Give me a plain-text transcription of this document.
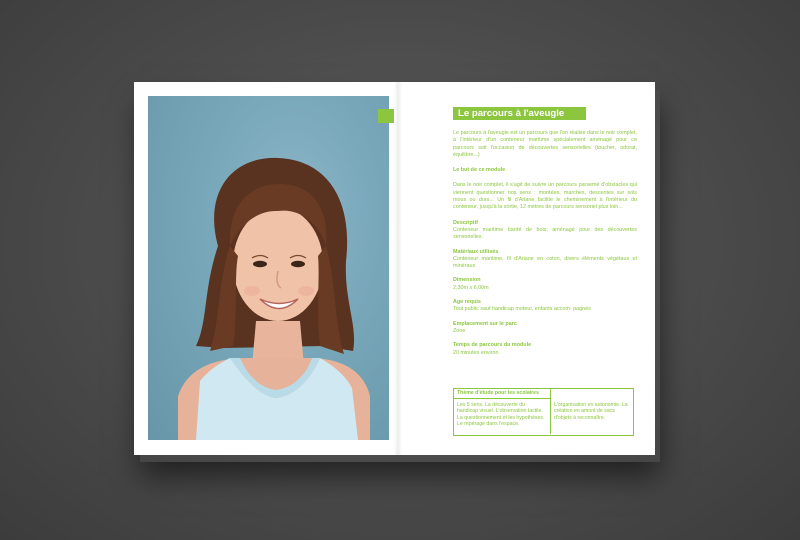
Le parcours à l'aveugle

Le parcours à l'aveugle est un parcours que l'on réalise dans le noir complet, à l'intérieur d'un conteneur maritime spécialement aménagé pour ce parcours soit l'occasion de découvertes sensorielles (toucher, odorat, équilibre...)

Le but de ce module

Dans le noir complet, il s'agit de suivre un parcours parsemé d'obstacles qui viennent questionner nos sens : montées, marches, descentes sur sols mous ou durs... Un fil d'Ariane facilite le cheminement à l'intérieur du conteneur, jusqu'à la sortie, 12 mètres de parcours sensoriel plus loin...

Descriptif
Conteneur maritime bardé de bois, aménagé pour des découvertes sensorielles.
Matériaux utilisés
Conteneur maritime, fil d'Ariane en coton, divers éléments végétaux et minéraux
Dimension
2,30m x 6,00m
Age requis
Tout public sauf handicap moteur, enfants accom- pagnés
Emplacement sur le parc
Zone
Temps de parcours du module
20 minutes environ
Thème d'étude pour les scolaires
Les 5 sens. La découverte du handicap visuel. L'observation tactile. La questionnement et les hypothèses. Le repérage dans l'espace.
L'organisation en autonomie. La création en amont de sacs d'objets à reconnaître.
